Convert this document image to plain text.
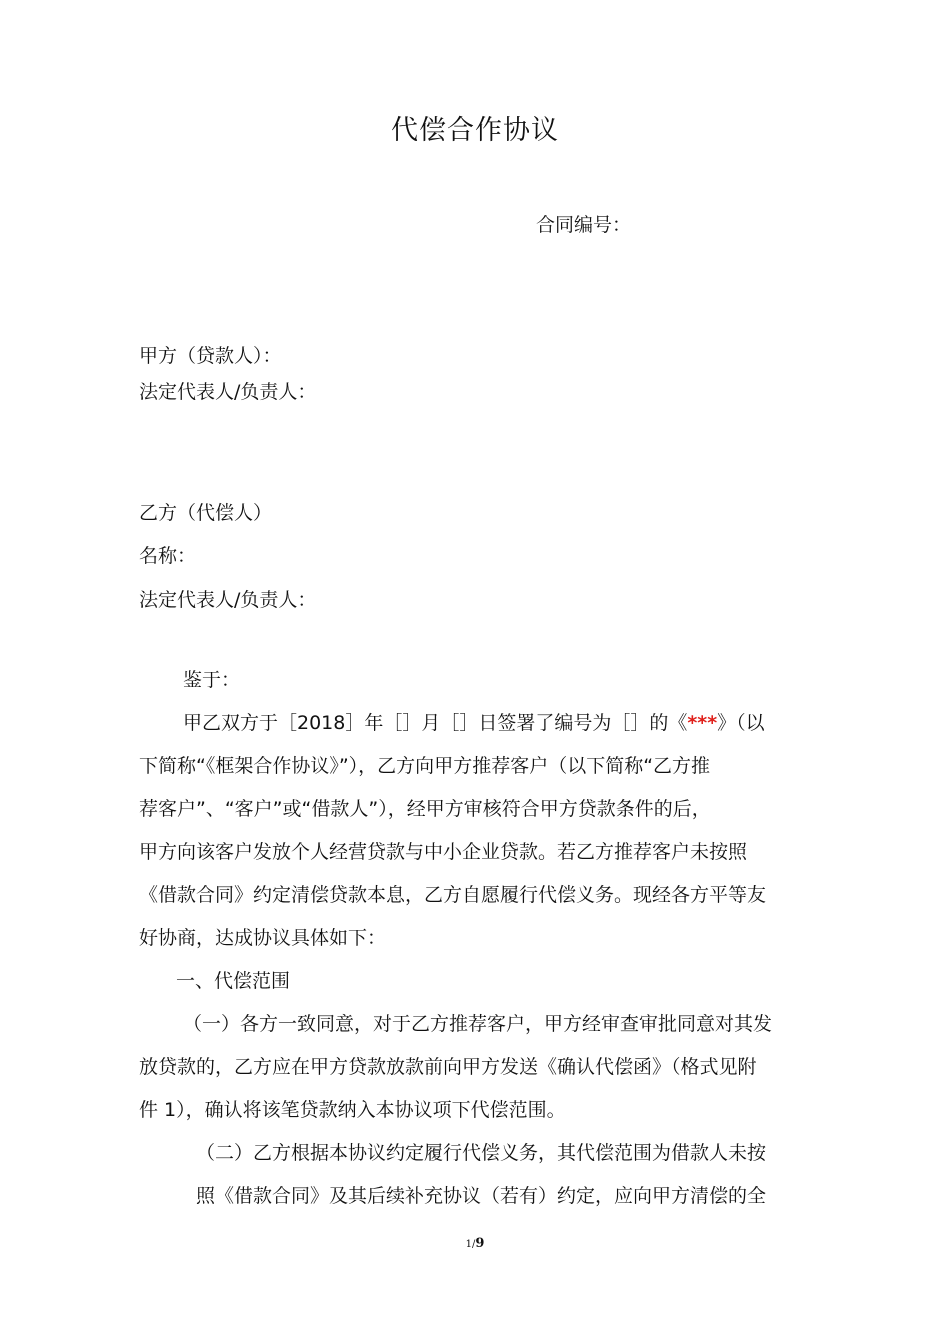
代偿合作协议
合同编号：
甲方（贷款人）：
法定代表人/负责人：
乙方（代偿人）
名称：
法定代表人/负责人：
鉴于：
甲乙双方于［2018］年［］月［］日签署了编号为［］的《***》（以
下简称“《框架合作协议》”），乙方向甲方推荐客户（以下简称“乙方推
荐客户”、“客户”或“借款人”），经甲方审核符合甲方贷款条件的后，
甲方向该客户发放个人经营贷款与中小企业贷款。若乙方推荐客户未按照
《借款合同》约定清偿贷款本息，乙方自愿履行代偿义务。现经各方平等友
好协商，达成协议具体如下：
一、代偿范围
（一）各方一致同意，对于乙方推荐客户，甲方经审查审批同意对其发
放贷款的，乙方应在甲方贷款放款前向甲方发送《确认代偿函》（格式见附
件 1），确认将该笔贷款纳入本协议项下代偿范围。
（二）乙方根据本协议约定履行代偿义务，其代偿范围为借款人未按
照《借款合同》及其后续补充协议（若有）约定，应向甲方清偿的全
1/9
